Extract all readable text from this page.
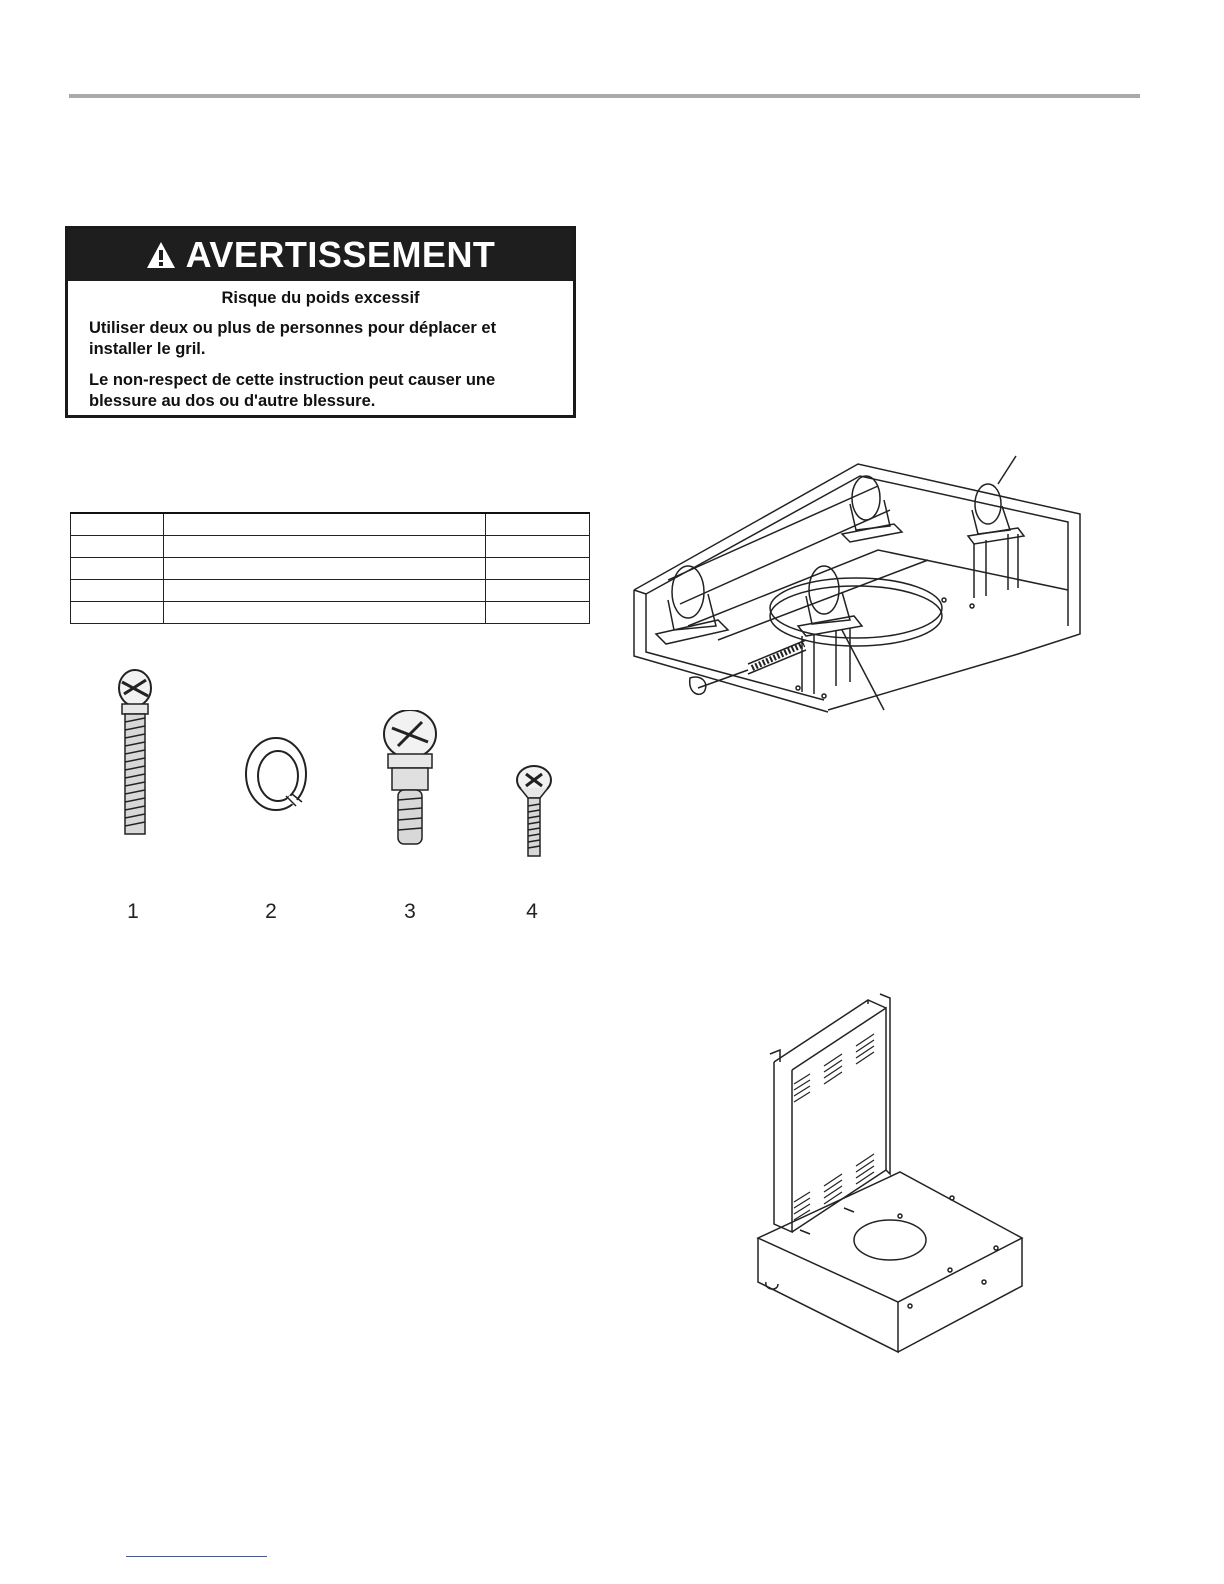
AVERTISSEMENT
Risque du poids excessif
Utiliser deux ou plus de personnes pour déplacer et installer le gril.
Le non-respect de cette instruction peut causer une blessure au dos ou d'autre blessure.

1	2	3	4
